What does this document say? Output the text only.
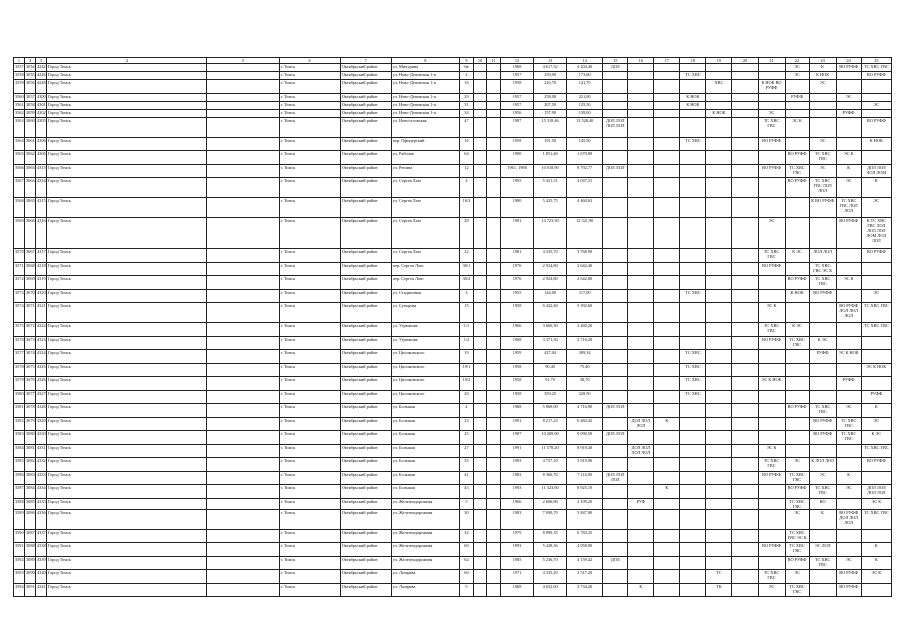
1	2	3	4	5	6	7	8	9	10	11	12	13	14	15	16	17	18	19	20	21	22	23	24	25
3557	3054	4242	Город Томск		г. Томск	Октябрьский район	ул. Мичурина	6в			1968	4 617,52	4 204,40	ДОЛ							ЭС	К	ВО РУФФ	ТС ХВС ГВС
3558	3055	4246	Город Томск		г. Томск	Октябрьский район	ул. Ново-Деповская 1-я	2			1957	259,00	173,00				ТС ХВС				ЭС	К НОК		ВО РУФФ
3559	3056	4248	Город Томск		г. Томск	Октябрьский район	ул. Ново-Деповская 1-я	16			1958	216,70	141,70					ХВС		К НОК ВО РУФФ		ЭС		
3560	3057	4300	Город Томск		г. Томск	Октябрьский район	ул. Ново-Деповская 1-я	29			1957	258,00	221,00				К НОК				РУФФ		ЭС	
3561	3058	4301	Город Томск		г. Томск	Октябрьский район	ул. Ново-Деповская 1-я	31			1957	207,50	125,50				К НОК							ЭС
3562	3059	4302	Город Томск		г. Томск	Октябрьский район	ул. Ново-Деповская 1-я	34			1956	157,90	139,00					К НОК		ЭС			РУФФ	
3563	3060	4305	Город Томск		г. Томск	Октябрьский район	ул. Новоселовская	47			1987	15 318,46	13 528,40	ДОЛ ЛОЛ ЛОЛ ЛОЛ						ТС ХВС ГВС	ЭС К			ВО РУФФ
3564	3061	4306	Город Томск		г. Томск	Октябрьский район	пер. Офицерский	16			1958	191,50	145,50				ТС ХВС			ВО РУФФ		ЭС		К НОК
3565	3062	4306	Город Томск		г. Томск	Октябрьский район	ул. Рабочая	64			1990	1 851,40	1 670,80								ВО РУФФ	ТС ХВС ГВС	ЭС К	
3566	3063	4315	Город Томск		г. Томск	Октябрьский район	ул. Репина	12			1961, 1988	10 018,90	8 792,77	ДОЛ ЛОЛ						ВО РУФФ	ТС ХВС ГВС	ЭС	К	ДОЛ ЛОЛ ЛОЛ ЛОМ
3567	3064	4334	Город Томск		г. Томск	Октябрьский район	ул. Сергея Лазо	4			1995	5 431,51	4 047,31								ВО РУФФ	ТС ХВС ГВС ЛОЛ ЛОЛ	ЭС	К
3568	3065	4315	Город Томск		г. Томск	Октябрьский район	ул. Сергея Лазо	16/3			1980	5 425,75	4 460,63									К ВО РУФФ	ТС ХВС ГВС ЛОЛ ЛОЛ	ЭС
3569	3066	4316	Город Томск		г. Томск	Октябрьский район	ул. Сергея Лазо	28			1981	14 723,30	12 521,90							ЭС			ВО РУФФ	К ТС ХВС ГВС ЛОЛ ЛОЛ ЛОЛ ЛОМ ЛОЛ ЛОЛ
3570	3067	4317	Город Томск		г. Томск	Октябрьский район	ул. Сергея Лазо	32			1981	4 335,70	3 768,90							ТС ХВС ГВС	К ЭС	ЛОЛ ЛОЛ		ВО РУФФ
3571	3068	4318	Город Томск		г. Томск	Октябрьский район	пер. Сергея Лазо	30/1			1976	2 924,80	2 642,40							ВО РУФФ		ТС ХВС ГВС ЭС К		
3572	3069	4319	Город Томск		г. Томск	Октябрьский район	пер. Сергея Лазо	30/2			1976	2 924,80	2 642,80								ВО РУФФ	ТС ХВС ГВС	ЭС К	
3573	3070	4320	Город Томск		г. Томск	Октябрьский район	ул. Стадионная	3			1955	144,00	117,00				ТС ХВС				К НОК	ВО РУФФ		ЭС
3574	3071	4321	Город Томск		г. Томск	Октябрьский район	ул. Суворова	15			1958	6 432,40	5 392,60							ЭС К			ВО РУФФ ЛОЛ ЛОЛ ЛОЛ	ТС ХВС ГВС
3575	3072	4322	Город Томск		г. Томск	Октябрьский район	ул. Угрюмова	1/1			1966	3 660,30	2 460,20							ТС ХВС ГВС	К ЭС			ТС ХВС ГВС
3576	3073	4323	Город Томск		г. Томск	Октябрьский район	ул. Угрюмова	1/2			1968	3 371,30	2 716,20							ВО РУФФ	ТС ХВС ГВС	К ЭС		
3577	3074	4324	Город Томск		г. Томск	Октябрьский район	ул. Циолковского	19			1959	427,04	399,34				ТС ХВС					РУФФ	ЭС К НОК	
3578	3075	4325	Город Томск		г. Томск	Октябрьский район	ул. Циолковского	19/1			1958	90,40	75,40				ТС ХВС							ЭС К НОК
3579	3076	4326	Город Томск		г. Томск	Октябрьский район	ул. Циолковского	19/2			1958	91,70	38,70				ТС ХВС			ЭС К НОК			РУФФ	
3580	3077	4327	Город Томск		г. Томск	Октябрьский район	ул. Циолковского	20			1958	359,25	328,50				ТС ХВС							РУФФ
3581	3078	4328	Город Томск		г. Томск	Октябрьский район	ул. Большая	2			1968	5 868,00	4 716,80	ДОЛ ЛОЛ							ВО РУФФ	ТС ХВС ГВС	ЭС	К
3582	3079	4329	Город Томск		г. Томск	Октябрьский район	ул. Большая	23			1991	8 217,23	6 484,42		ДОЛ ЛОЛ ЛОЛ	К						ВО РУФФ	ТС ХВС ГВС	ЭС
3583	3080	4330	Город Томск		г. Томск	Октябрьский район	ул. Большая	25			1987	10 209,90	9 090,50	ДОЛ ЛОЛ								ВО РУФФ	ТС ХВС ГВС	К ЭС
3584	3081	4331	Город Томск		г. Томск	Октябрьский район	ул. Большая	27			1991	11 578,20	8 919,40		ДОЛ ЛОЛ ЛОЛ ЛОЛ					ЭС К				ТС ХВС ГВС
3585	3082	4332	Город Томск		г. Томск	Октябрьский район	ул. Большая	35			1993	4 757,10	3 919,90							ТС ХВС ГВС	ЭС	К ЛОЛ ЛОЛ		ВО РУФФ
3586	3083	4333	Город Томск		г. Томск	Октябрьский район	ул. Большая	41			1982	8 360,70	7 116,00	ДОЛ ЛОЛ ЛОЛ						ВО РУФФ	ТС ХВС ГВС	ЭС	К	
3587	3084	4334	Город Томск		г. Томск	Октябрьский район	ул. Большая	43			1993	11 323,60	8 925,10			К					ВО РУФФ	ТС ХВС ГВС	ЭС	ДОЛ ЛОЛ ЛОЛ ЛОЛ
3588	3085	4335	Город Томск		г. Томск	Октябрьский район	ул. Железнодорожная	5			1966	2 606,80	2 109,20		РУФ						ТС ХВС ГВС	ВО		ЭС К
3589	3086	4336	Город Томск		г. Томск	Октябрьский район	ул. Железнодорожная	30			1983	7 090,70	5 847,80								ЭС	К	ВО РУФФ ДОЛ ЛОЛ ЛОЛ	ТС ХВС ГВС
3590	3087	4337	Город Томск		г. Томск	Октябрьский район	ул. Железнодорожная	32			1979	8 899,35	6 784,35								ТС ХВС ГВС ЭС К			
3591	3088	4338	Город Томск		г. Томск	Октябрьский район	ул. Железнодорожная	60			1993	5 428,36	4 058,80							ВО РУФФ	ТС ХВС ГВС	ЭС ЛОЛ		К
3592	3089	4339	Город Томск		г. Томск	Октябрьский район	ул. Железнодорожная	62			1985	5 236,70	4 159,42	ДОЛ							ВО РУФФ	ТС ХВС ГВС	ЭС	К
3593	3090	4340	Город Томск		г. Томск	Октябрьский район	ул. Лазарева	60			1971	4 335,20	3 517,20					ТС		ТС ХВС ГВС	ЭС		ВО РУФФ	ЭС К
3594	3091	4341	Город Томск		г. Томск	Октябрьский район	ул. Лазарева	5			1968	4 652,60	3 734,20		К			ТК		ЭС	ТС ХВС ГВС		ВО РУФФ	
